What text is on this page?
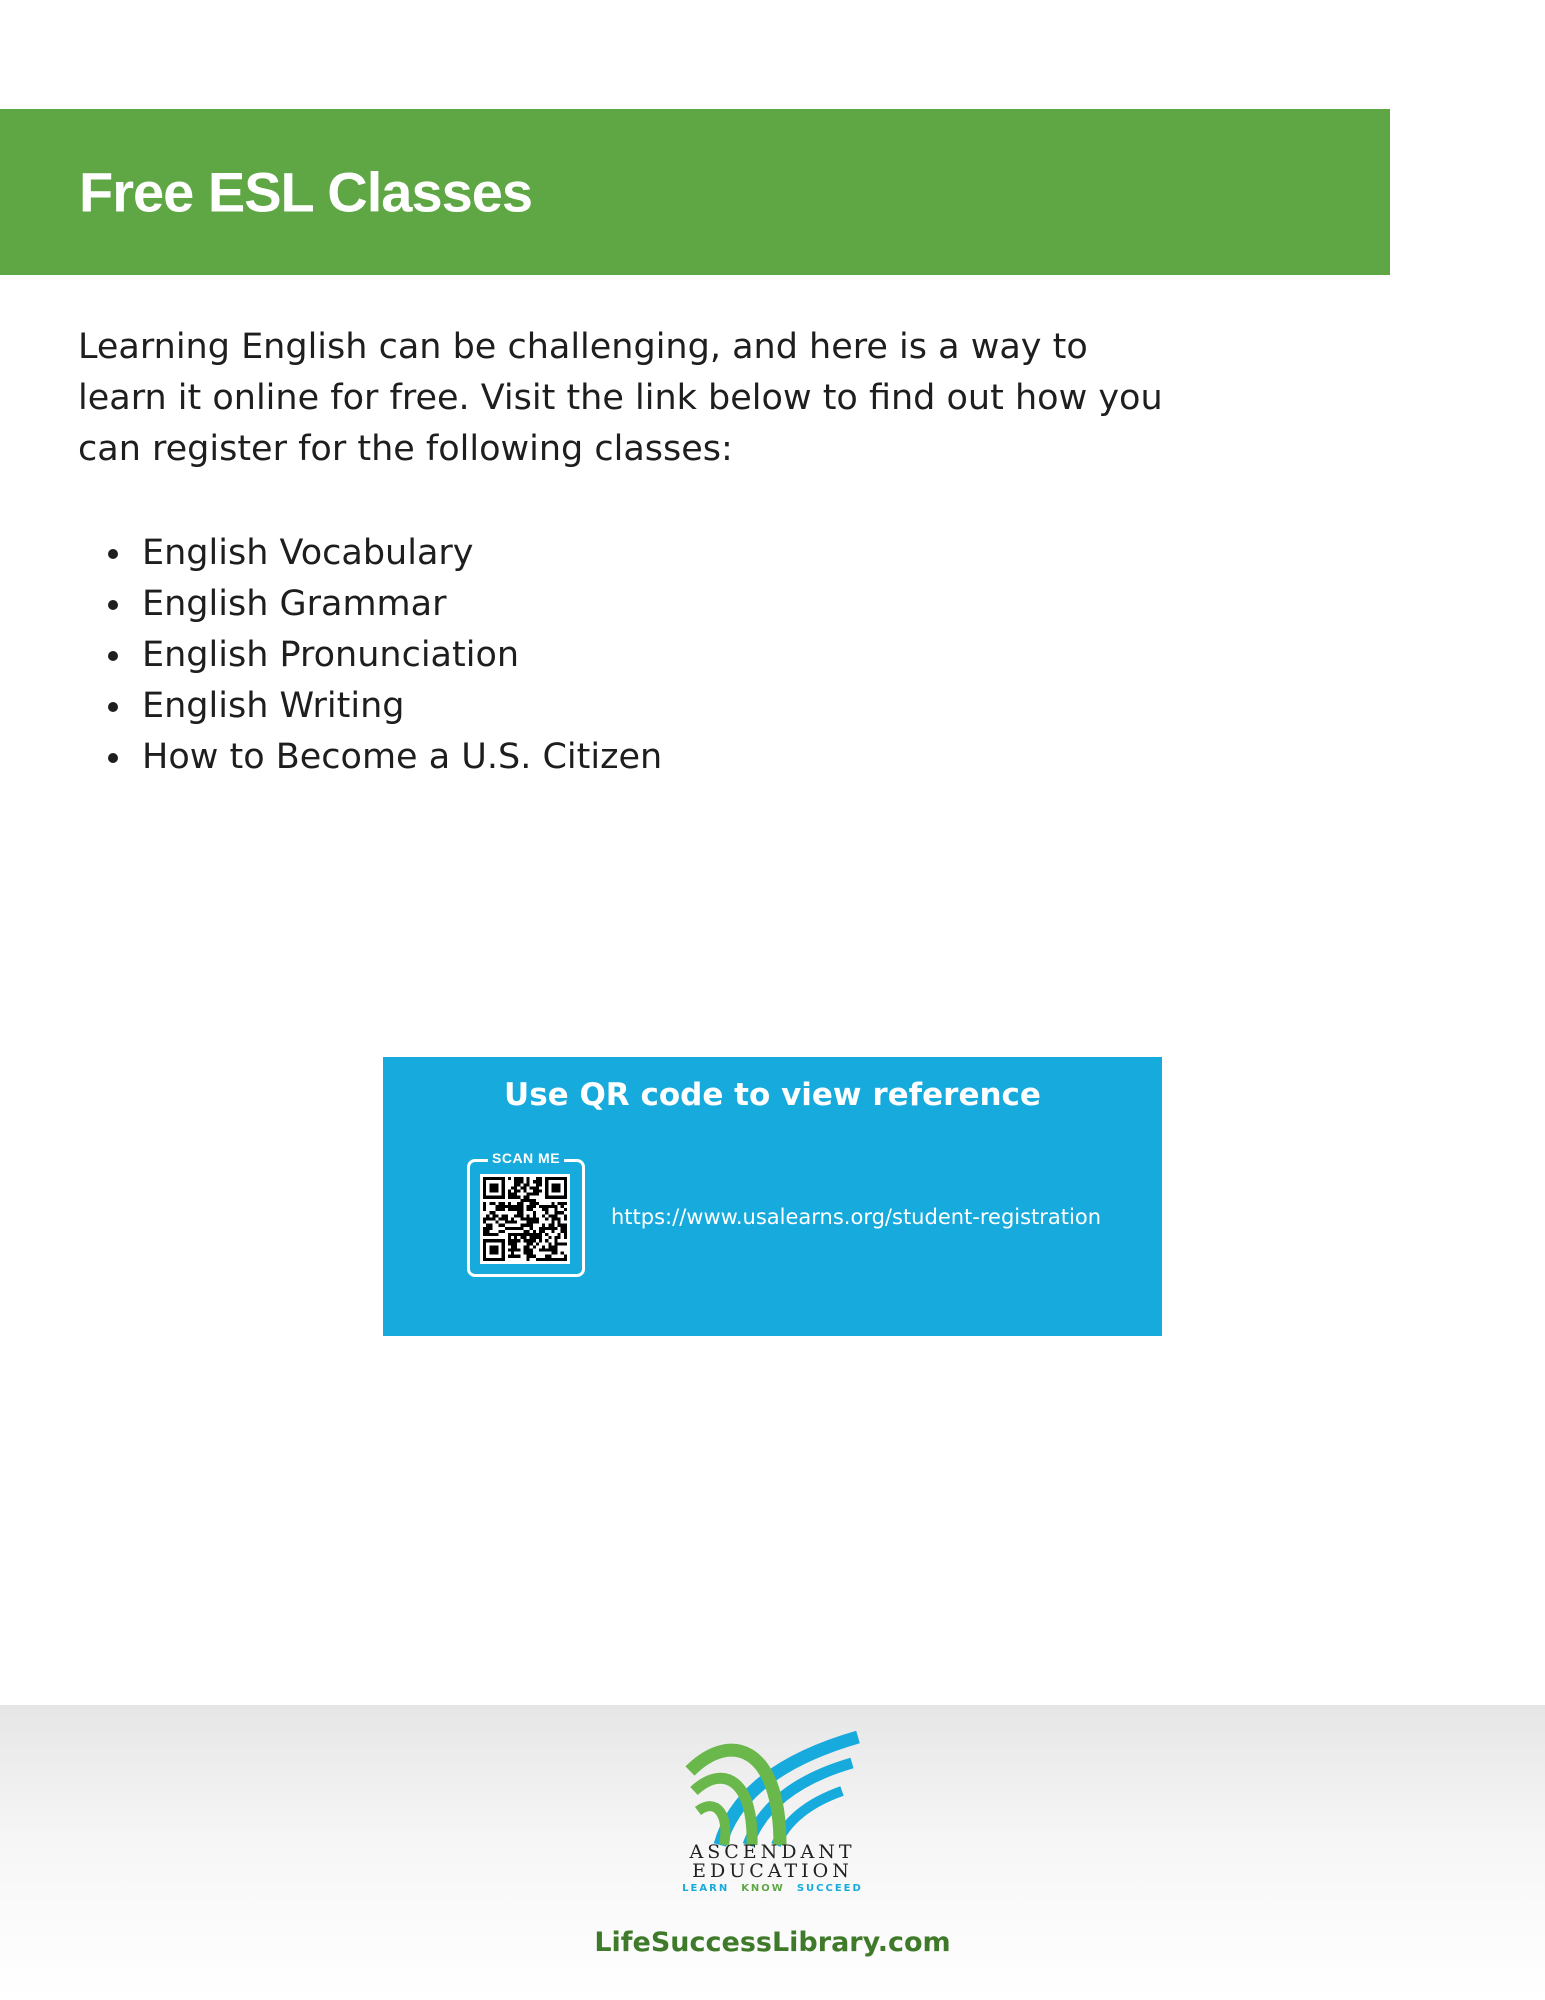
Free ESL Classes

Learning English can be challenging, and here is a way to
learn it online for free. Visit the link below to find out how you
can register for the following classes:

English Vocabulary
English Grammar
English Pronunciation
English Writing
How to Become a U.S. Citizen

Use QR code to view reference

SCAN ME

https://www.usalearns.org/student-registration

ASCENDANT
EDUCATION
LEARN KNOW SUCCEED
LifeSuccessLibrary.com
